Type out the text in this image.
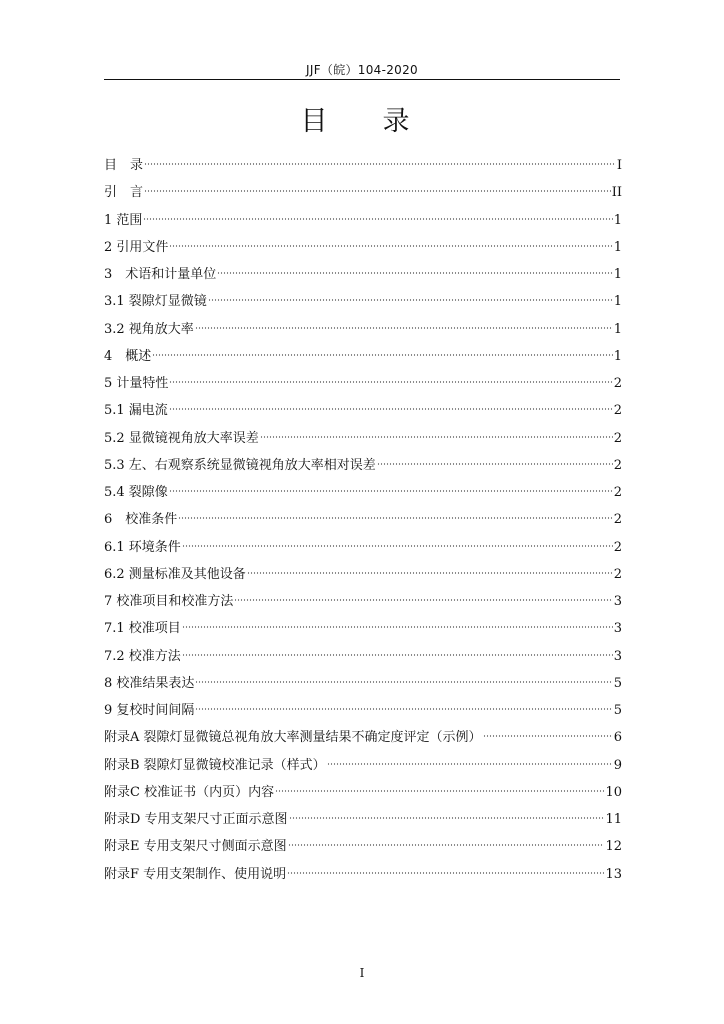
JJF（皖）104-2020
目　录
目　录	I
引　言	II
1 范围	1
2 引用文件	1
3　术语和计量单位	1
3.1 裂隙灯显微镜	1
3.2 视角放大率	1
4　概述	1
5 计量特性	2
5.1 漏电流	2
5.2 显微镜视角放大率误差	2
5.3 左、右观察系统显微镜视角放大率相对误差	2
5.4 裂隙像	2
6　校准条件	2
6.1 环境条件	2
6.2 测量标准及其他设备	2
7 校准项目和校准方法	3
7.1 校准项目	3
7.2 校准方法	3
8 校准结果表达	5
9 复校时间间隔	5
附录A 裂隙灯显微镜总视角放大率测量结果不确定度评定（示例）	6
附录B 裂隙灯显微镜校准记录（样式）	9
附录C 校准证书（内页）内容	10
附录D 专用支架尺寸正面示意图	11
附录E 专用支架尺寸侧面示意图	12
附录F 专用支架制作、使用说明	13
I
